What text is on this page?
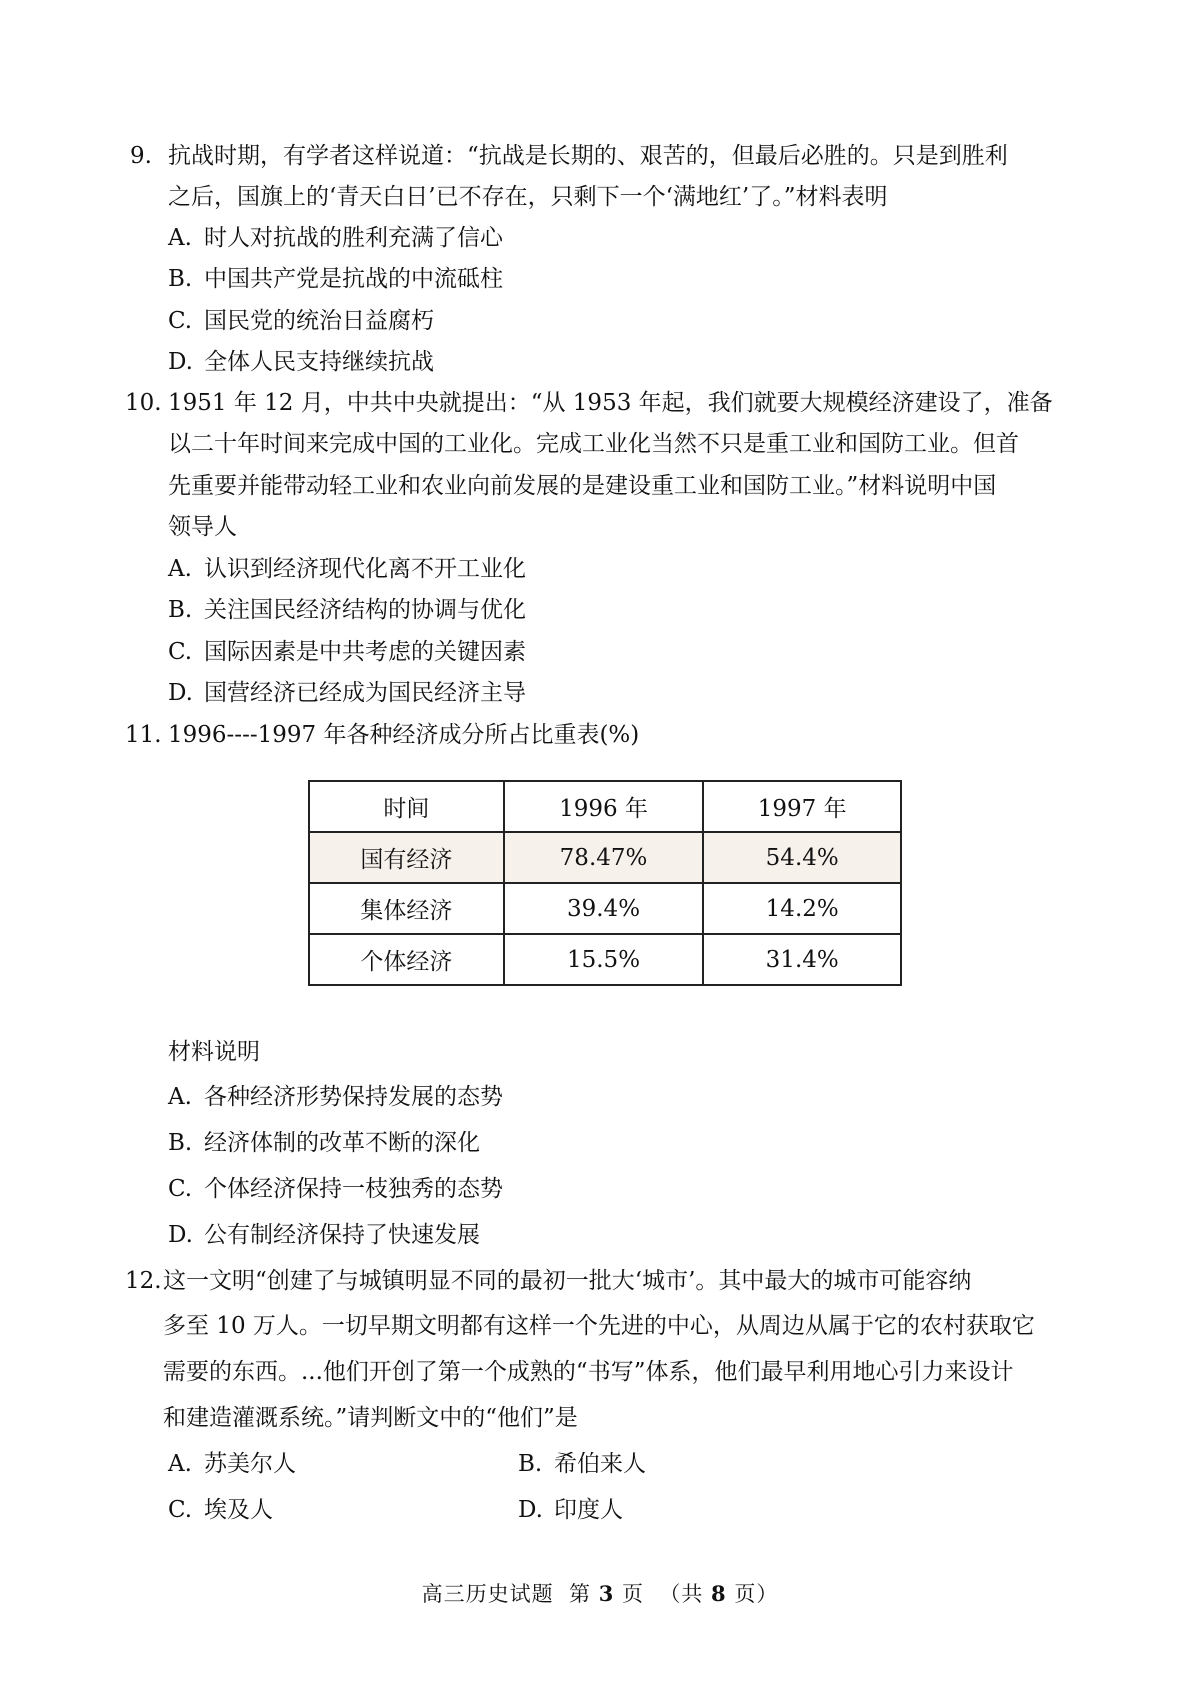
9. 抗战时期，有学者这样说道：“抗战是长期的、艰苦的，但最后必胜的。只是到胜利
之后，国旗上的‘青天白日’已不存在，只剩下一个‘满地红’了。”材料表明
A. 时人对抗战的胜利充满了信心
B. 中国共产党是抗战的中流砥柱
C. 国民党的统治日益腐朽
D. 全体人民支持继续抗战
10. 1951 年 12 月，中共中央就提出：“从 1953 年起，我们就要大规模经济建设了，准备
以二十年时间来完成中国的工业化。完成工业化当然不只是重工业和国防工业。但首
先重要并能带动轻工业和农业向前发展的是建设重工业和国防工业。”材料说明中国
领导人
A. 认识到经济现代化离不开工业化
B. 关注国民经济结构的协调与优化
C. 国际因素是中共考虑的关键因素
D. 国营经济已经成为国民经济主导
11. 1996----1997 年各种经济成分所占比重表(%)
时间	1996 年	1997 年
国有经济	78.47%	54.4%
集体经济	39.4%	14.2%
个体经济	15.5%	31.4%
材料说明
A. 各种经济形势保持发展的态势
B. 经济体制的改革不断的深化
C. 个体经济保持一枝独秀的态势
D. 公有制经济保持了快速发展
12.这一文明“创建了与城镇明显不同的最初一批大‘城市’。其中最大的城市可能容纳
多至 10 万人。一切早期文明都有这样一个先进的中心，从周边从属于它的农村获取它
需要的东西。...他们开创了第一个成熟的“书写”体系，他们最早利用地心引力来设计
和建造灌溉系统。”请判断文中的“他们”是
A. 苏美尔人	B. 希伯来人
C. 埃及人	D. 印度人
高三历史试题 第 3 页 （共 8 页）
